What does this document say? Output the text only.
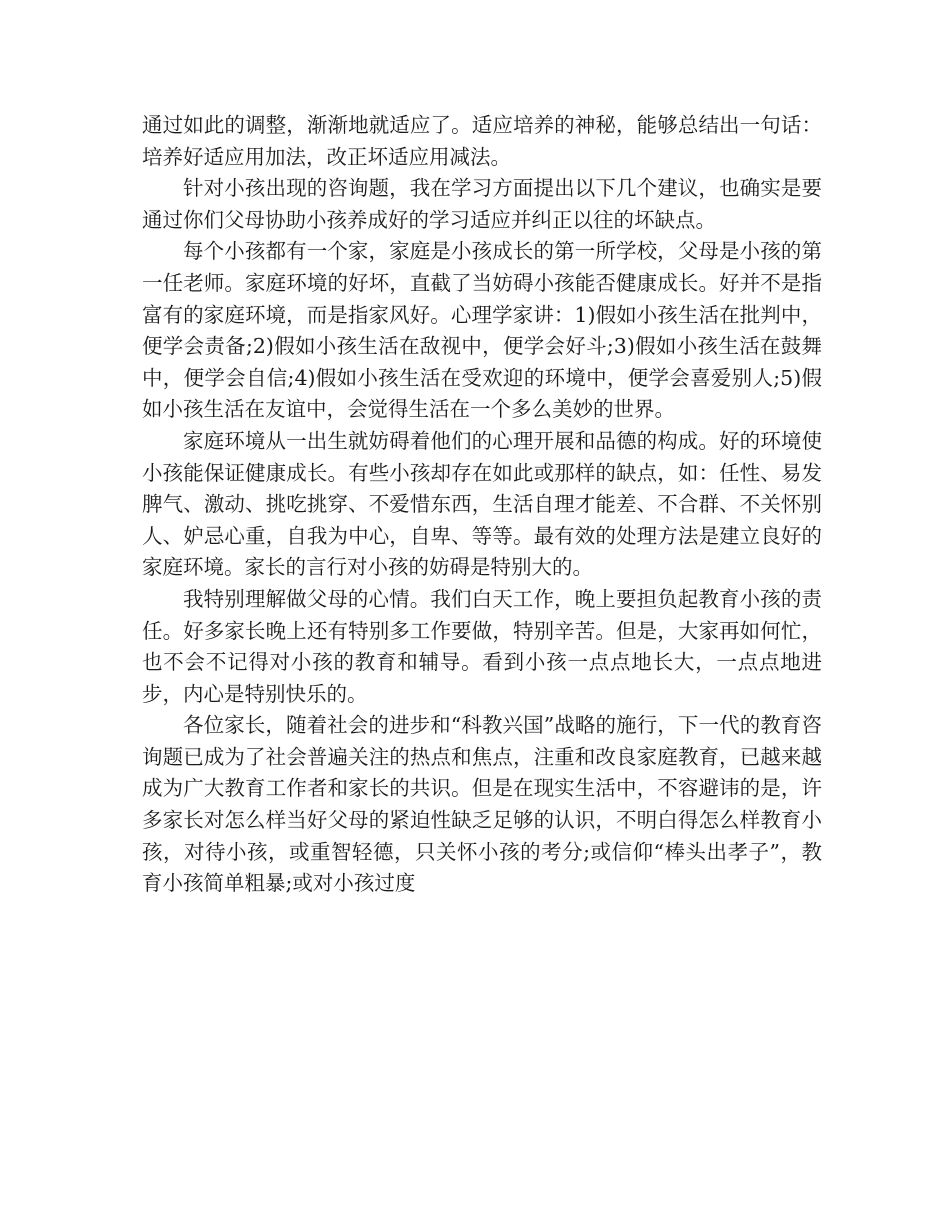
通过如此的调整，渐渐地就适应了。适应培养的神秘，能够总结出一句话：培养好适应用加法，改正坏适应用减法。

针对小孩出现的咨询题，我在学习方面提出以下几个建议，也确实是要通过你们父母协助小孩养成好的学习适应并纠正以往的坏缺点。

每个小孩都有一个家，家庭是小孩成长的第一所学校，父母是小孩的第一任老师。家庭环境的好坏，直截了当妨碍小孩能否健康成长。好并不是指富有的家庭环境，而是指家风好。心理学家讲：1)假如小孩生活在批判中，便学会责备;2)假如小孩生活在敌视中，便学会好斗;3)假如小孩生活在鼓舞中，便学会自信;4)假如小孩生活在受欢迎的环境中，便学会喜爱别人;5)假如小孩生活在友谊中，会觉得生活在一个多么美妙的世界。

家庭环境从一出生就妨碍着他们的心理开展和品德的构成。好的环境使小孩能保证健康成长。有些小孩却存在如此或那样的缺点，如：任性、易发脾气、激动、挑吃挑穿、不爱惜东西，生活自理才能差、不合群、不关怀别人、妒忌心重，自我为中心，自卑、等等。最有效的处理方法是建立良好的家庭环境。家长的言行对小孩的妨碍是特别大的。

我特别理解做父母的心情。我们白天工作，晚上要担负起教育小孩的责任。好多家长晚上还有特别多工作要做，特别辛苦。但是，大家再如何忙，也不会不记得对小孩的教育和辅导。看到小孩一点点地长大，一点点地进步，内心是特别快乐的。

各位家长，随着社会的进步和“科教兴国”战略的施行，下一代的教育咨询题已成为了社会普遍关注的热点和焦点，注重和改良家庭教育，已越来越成为广大教育工作者和家长的共识。但是在现实生活中，不容避讳的是，许多家长对怎么样当好父母的紧迫性缺乏足够的认识，不明白得怎么样教育小孩，对待小孩，或重智轻德，只关怀小孩的考分;或信仰“棒头出孝子”，教育小孩简单粗暴;或对小孩过度
